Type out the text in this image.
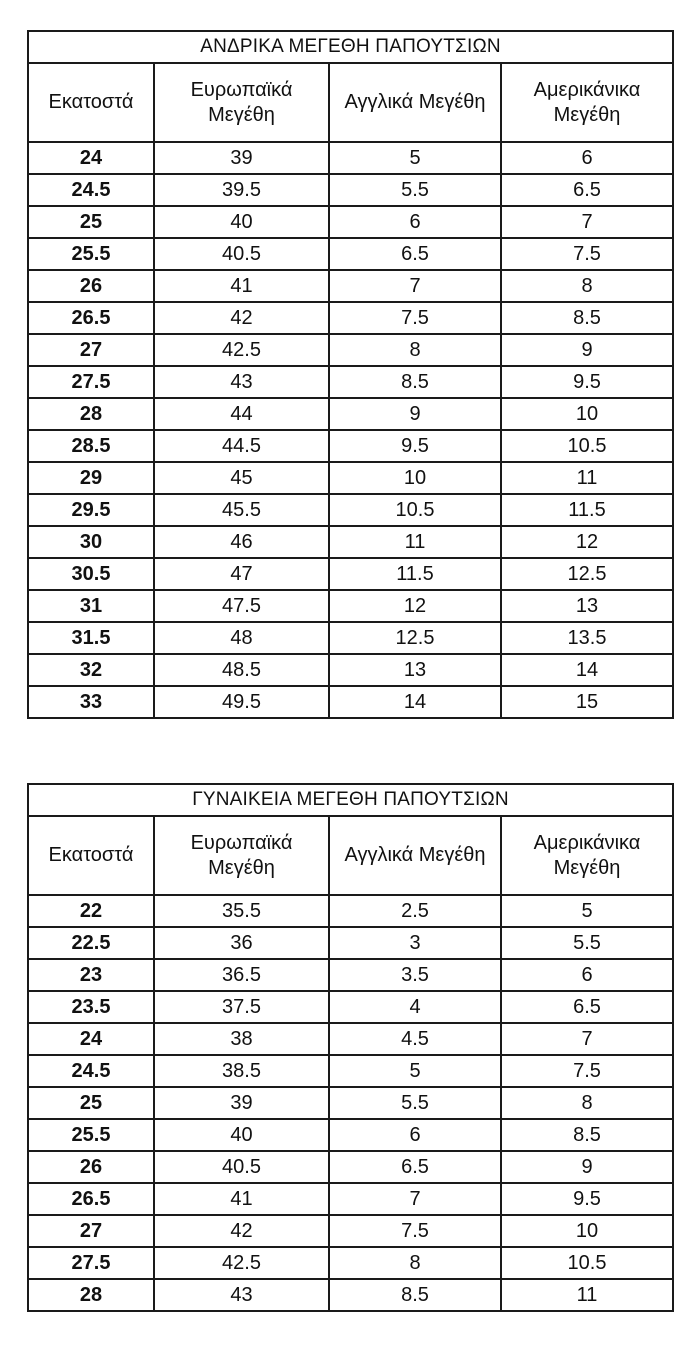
ΑΝΔΡΙΚΑ ΜΕΓΕΘΗ ΠΑΠΟΥΤΣΙΩΝ			
Εκατοστά	Ευρωπαϊκά Μεγέθη	Αγγλικά Μεγέθη	Αμερικάνικα Μεγέθη
24	39	5	6
24.5	39.5	5.5	6.5
25	40	6	7
25.5	40.5	6.5	7.5
26	41	7	8
26.5	42	7.5	8.5
27	42.5	8	9
27.5	43	8.5	9.5
28	44	9	10
28.5	44.5	9.5	10.5
29	45	10	11
29.5	45.5	10.5	11.5
30	46	11	12
30.5	47	11.5	12.5
31	47.5	12	13
31.5	48	12.5	13.5
32	48.5	13	14
33	49.5	14	15
ΓΥΝΑΙΚΕΙΑ ΜΕΓΕΘΗ ΠΑΠΟΥΤΣΙΩΝ			
Εκατοστά	Ευρωπαϊκά Μεγέθη	Αγγλικά Μεγέθη	Αμερικάνικα Μεγέθη
22	35.5	2.5	5
22.5	36	3	5.5
23	36.5	3.5	6
23.5	37.5	4	6.5
24	38	4.5	7
24.5	38.5	5	7.5
25	39	5.5	8
25.5	40	6	8.5
26	40.5	6.5	9
26.5	41	7	9.5
27	42	7.5	10
27.5	42.5	8	10.5
28	43	8.5	11
